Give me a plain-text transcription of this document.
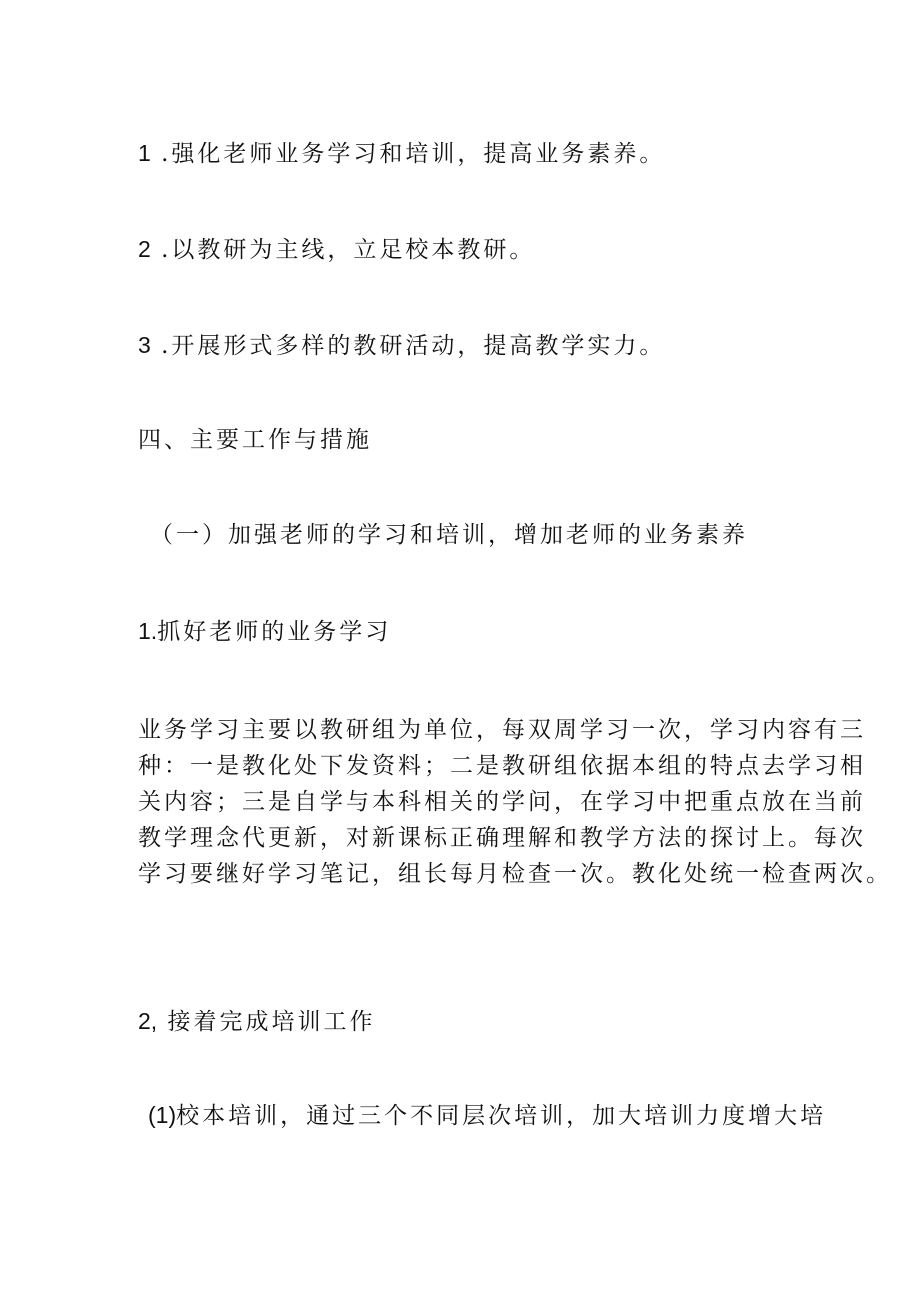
1 .强化老师业务学习和培训，提高业务素养。

2 .以教研为主线，立足校本教研。

3 .开展形式多样的教研活动，提高教学实力。

四、主要工作与措施

（一）加强老师的学习和培训，增加老师的业务素养

1.抓好老师的业务学习

业务学习主要以教研组为单位，每双周学习一次，学习内容有三
种：一是教化处下发资料；二是教研组依据本组的特点去学习相
关内容；三是自学与本科相关的学问，在学习中把重点放在当前
教学理念代更新，对新课标正确理解和教学方法的探讨上。每次
学习要继好学习笔记，组长每月检查一次。教化处统一检查两次。

2, 接着完成培训工作

(1)校本培训，通过三个不同层次培训，加大培训力度增大培
